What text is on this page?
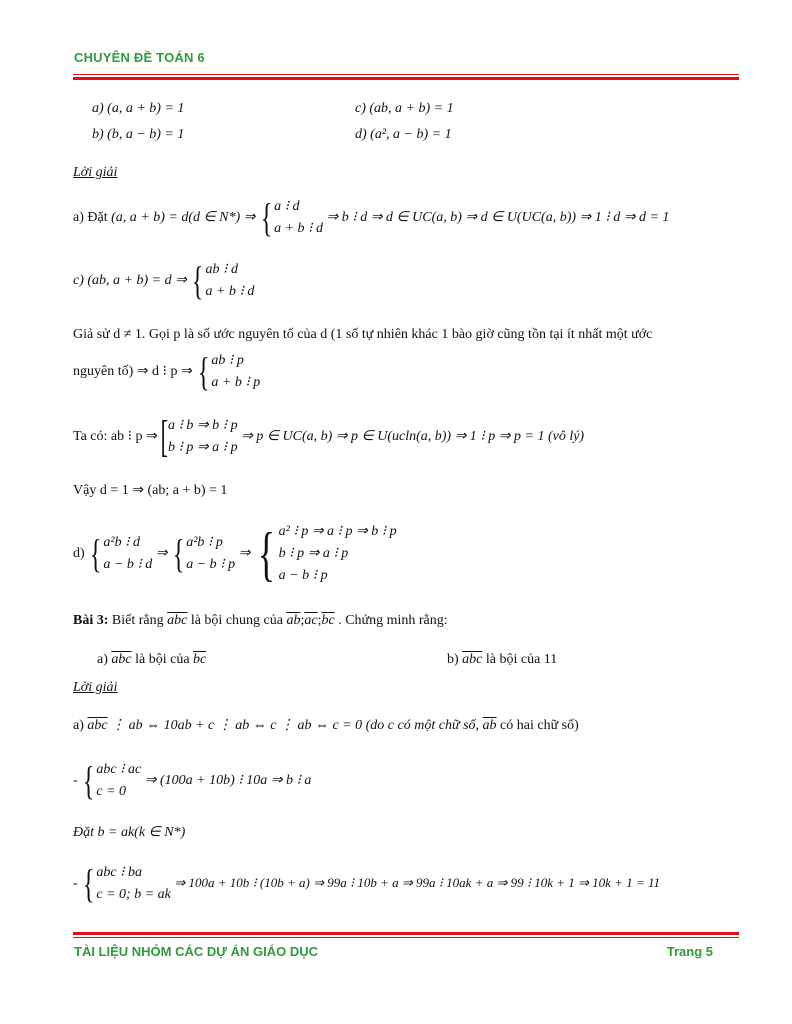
CHUYÊN ĐỀ TOÁN 6
a) (a, a + b) = 1	c) (ab, a + b) = 1
b) (b, a − b) = 1	d) (a², a − b) = 1
Lời giải
a) Đặt (a, a + b) = d(d ∈ N*) ⇒ { a ⁝ d
a + b ⁝ d
⇒ b ⁝ d ⇒ d ∈ UC(a, b) ⇒ d ∈ U(UC(a, b)) ⇒ 1 ⁝ d ⇒ d = 1
c) (ab, a + b) = d ⇒ { ab ⁝ d
a + b ⁝ d
Giả sử d ≠ 1. Gọi p là số ước nguyên tố của d (1 số tự nhiên khác 1 bào giờ cũng tồn tại ít nhất một ước
nguyên tố) ⇒ d ⁝ p ⇒ { ab ⁝ p
a + b ⁝ p
Ta có: ab ⁝ p ⇒ [ a ⁝ b ⇒ b ⁝ p
b ⁝ p ⇒ a ⁝ p
⇒ p ∈ UC(a, b) ⇒ p ∈ U(ucln(a, b)) ⇒ 1 ⁝ p ⇒ p = 1 (vô lý)
Vậy d = 1 ⇒ (ab; a + b) = 1
d) { a²b ⁝ d
a − b ⁝ d
⇒ { a²b ⁝ p
a − b ⁝ p
⇒ { a² ⁝ p ⇒ a ⁝ p ⇒ b ⁝ p
b ⁝ p ⇒ a ⁝ p
a − b ⁝ p
Bài 3: Biết rằng $\overline{abc}$ là bội chung của $\overline{ab};\overline{ac};\overline{bc}$ . Chứng minh rằng:
a) $\overline{abc}$ là bội của $\overline{bc}$	b) $\overline{abc}$ là bội của 11
Lời giải
a) $\overline{abc}$ ⋮ ab ⇔ 10ab + c ⋮ ab ⇔ c ⋮ ab ⇔ c = 0 (do c có một chữ số, $\overline{ab}$ có hai chữ số)
- { abc ⁝ ac
c = 0
⇒ (100a + 10b) ⁝ 10a ⇒ b ⁝ a
Đặt b = ak(k ∈ N*)
- { abc ⁝ ba
c = 0; b = ak
⇒ 100a + 10b ⁝ (10b + a) ⇒ 99a ⁝ 10b + a ⇒ 99a ⁝ 10ak + a ⇒ 99 ⁝ 10k + 1 ⇒ 10k + 1 = 11
TÀI LIỆU NHÓM CÁC DỰ ÁN GIÁO DỤC	Trang 5
